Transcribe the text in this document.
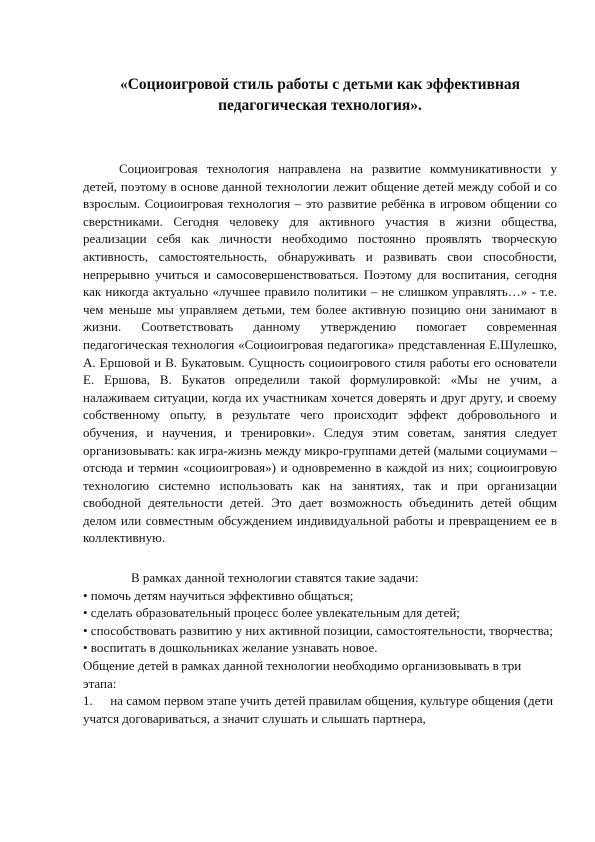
«Социоигровой стиль работы с детьми как эффективная педагогическая технология».

Социоигровая технология направлена на развитие коммуникативности у детей, поэтому в основе данной технологии лежит общение детей между собой и со взрослым. Социоигровая технология – это развитие ребёнка в игровом общении со сверстниками. Сегодня человеку для активного участия в жизни общества, реализации себя как личности необходимо постоянно проявлять творческую активность, самостоятельность, обнаруживать и развивать свои способности, непрерывно учиться и самосовершенствоваться. Поэтому для воспитания, сегодня как никогда актуально «лучшее правило политики – не слишком управлять…» - т.е. чем меньше мы управляем детьми, тем более активную позицию они занимают в жизни. Соответствовать данному утверждению помогает современная педагогическая технология «Социоигровая педагогика» представленная Е.Шулешко, А. Ершовой и В. Букатовым. Сущность социоигрового стиля работы его основатели Е. Ершова, В. Букатов определили такой формулировкой: «Мы не учим, а налаживаем ситуации, когда их участникам хочется доверять и друг другу, и своему собственному опыту, в результате чего происходит эффект добровольного и обучения, и научения, и тренировки». Следуя этим советам, занятия следует организовывать: как игра-жизнь между микро-группами детей (малыми социумами – отсюда и термин «социоигровая») и одновременно в каждой из них; социоигровую технологию системно использовать как на занятиях, так и при организации свободной деятельности детей. Это дает возможность объединить детей общим делом или совместным обсуждением индивидуальной работы и превращением ее в коллективную.

В рамках данной технологии ставятся такие задачи:

• помочь детям научиться эффективно общаться;

• сделать образовательный процесс более увлекательным для детей;

• способствовать развитию у них активной позиции, самостоятельности, творчества;

• воспитать в дошкольниках желание узнавать новое.

Общение детей в рамках данной технологии необходимо организовывать в три этапа:

1. на самом первом этапе учить детей правилам общения, культуре общения (дети учатся договариваться, а значит слушать и слышать партнера,
